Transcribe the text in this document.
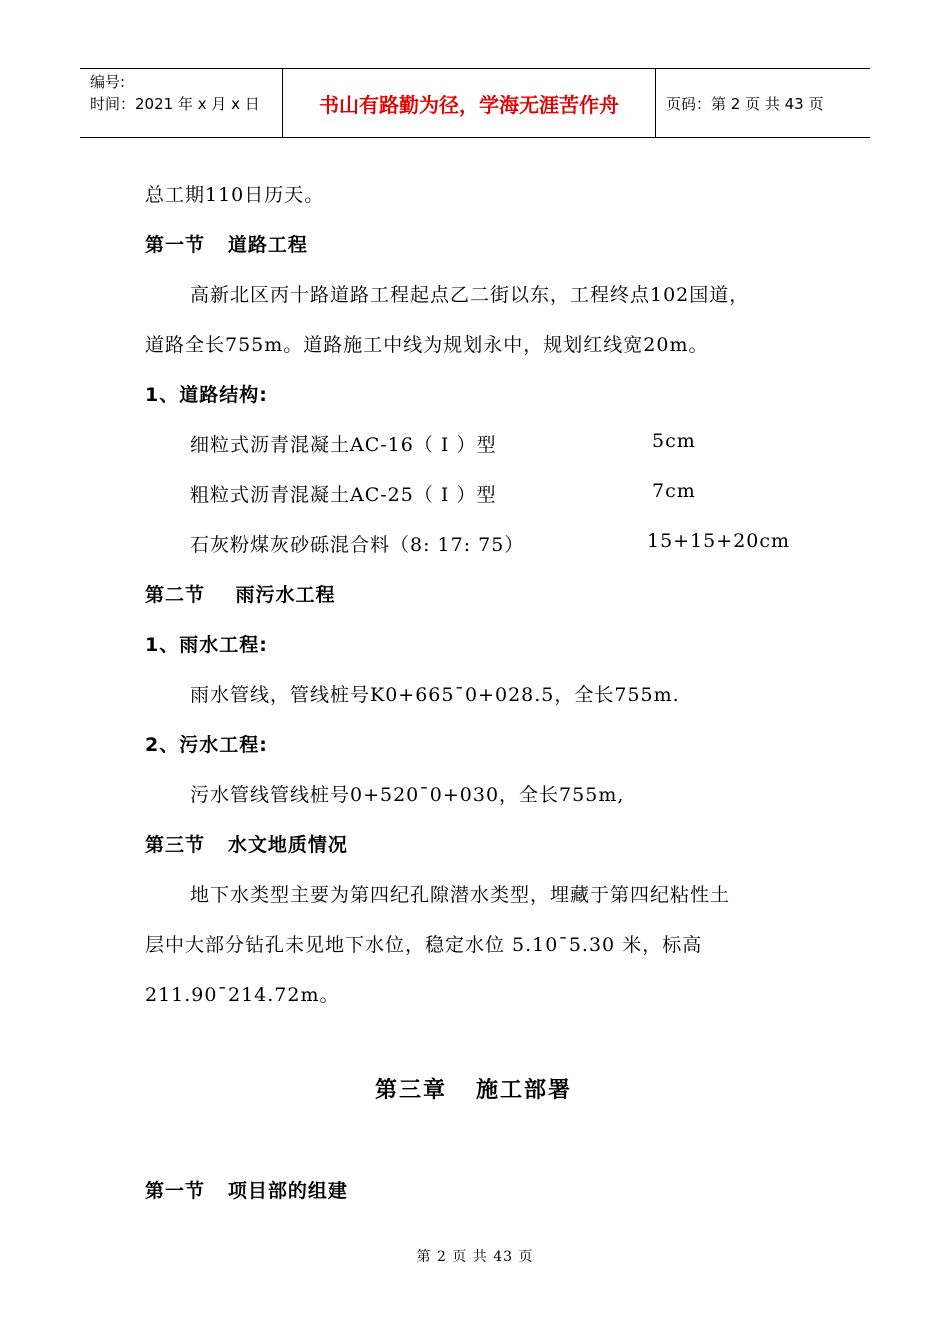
编号:
时间：2021 年 x 月 x 日	书山有路勤为径，学海无涯苦作舟	页码：第 2 页 共 43 页
总工期110日历天。
第一节   道路工程
高新北区丙十路道路工程起点乙二街以东，工程终点102国道，
道路全长755m。道路施工中线为规划永中，规划红线宽20m。
1、道路结构:
细粒式沥青混凝土AC-16（ I ）型	5cm
粗粒式沥青混凝土AC-25（ I ）型	7cm
石灰粉煤灰砂砾混合料（8: 17: 75）	15+15+20cm
第二节    雨污水工程
1、雨水工程:
雨水管线，管线桩号K0+665¯0+028.5，全长755m.
2、污水工程:
污水管线管线桩号0+520¯0+030，全长755m,
第三节   水文地质情况
地下水类型主要为第四纪孔隙潜水类型，埋藏于第四纪粘性土
层中大部分钻孔未见地下水位，稳定水位 5.10¯5.30 米，标高
211.90¯214.72m。
第三章   施工部署
第一节   项目部的组建
第 2 页 共 43 页
